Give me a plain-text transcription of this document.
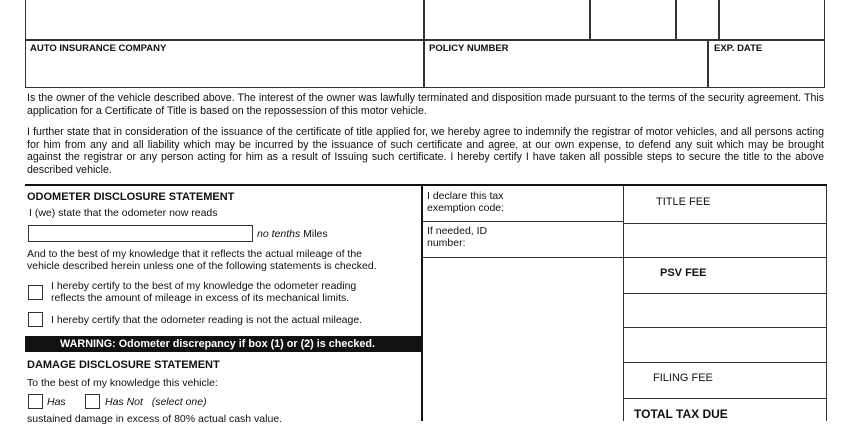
AUTO INSURANCE COMPANY	POLICY NUMBER	EXP. DATE
Is the owner of the vehicle described above. The interest of the owner was lawfully terminated and disposition made pursuant to the terms of the security agreement. This application for a Certificate of Title is based on the repossession of this motor vehicle.
I further state that in consideration of the issuance of the certificate of title applied for, we hereby agree to indemnify the registrar of motor vehicles, and all persons acting for him from any and all liability which may be incurred by the issuance of such certificate and agree, at our own expense, to defend any suit which may be brought against the registrar or any person acting for him as a result of Issuing such certificate. I hereby certify I have taken all possible steps to secure the title to the above described vehicle.
ODOMETER DISCLOSURE STATEMENT
I (we) state that the odometer now reads
no tenths Miles
And to the best of my knowledge that it reflects the actual mileage of the
vehicle described herein unless one of the following statements is checked.
I hereby certify to the best of my knowledge the odometer reading
reflects the amount of mileage in excess of its mechanical limits.
I hereby certify that the odometer reading is not the actual mileage.
WARNING: Odometer discrepancy if box (1) or (2) is checked.
DAMAGE DISCLOSURE STATEMENT
To the best of my knowledge this vehicle:
Has	Has Not (select one)
sustained damage in excess of 80% actual cash value.
I declare this tax
exemption code:
If needed, ID
number:
TITLE FEE
PSV FEE
FILING FEE
TOTAL TAX DUE
